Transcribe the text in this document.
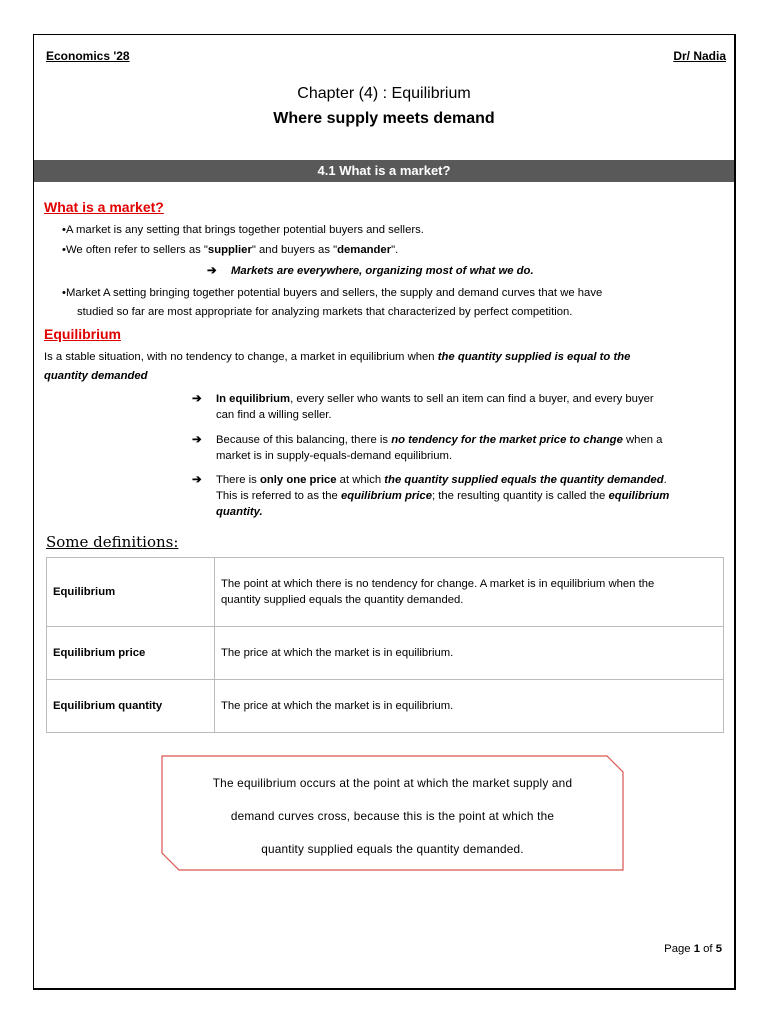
Economics '28	Dr/ Nadia
Chapter (4) : Equilibrium
Where supply meets demand
4.1 What is a market?
What is a market?
•A market is any setting that brings together potential buyers and sellers.
•We often refer to sellers as "supplier" and buyers as "demander".
➔ Markets are everywhere, organizing most of what we do.
•Market A setting bringing together potential buyers and sellers, the supply and demand curves that we have
studied so far are most appropriate for analyzing markets that characterized by perfect competition.
Equilibrium
Is a stable situation, with no tendency to change, a market in equilibrium when the quantity supplied is equal to the
quantity demanded
➔ In equilibrium, every seller who wants to sell an item can find a buyer, and every buyer
can find a willing seller.
➔ Because of this balancing, there is no tendency for the market price to change when a
market is in supply-equals-demand equilibrium.
➔ There is only one price at which the quantity supplied equals the quantity demanded.
This is referred to as the equilibrium price; the resulting quantity is called the equilibrium
quantity.
Some definitions:
Equilibrium	The point at which there is no tendency for change. A market is in equilibrium when the
quantity supplied equals the quantity demanded.
Equilibrium price	The price at which the market is in equilibrium.
Equilibrium quantity	The price at which the market is in equilibrium.
The equilibrium occurs at the point at which the market supply and
demand curves cross, because this is the point at which the
quantity supplied equals the quantity demanded.
Page 1 of 5
